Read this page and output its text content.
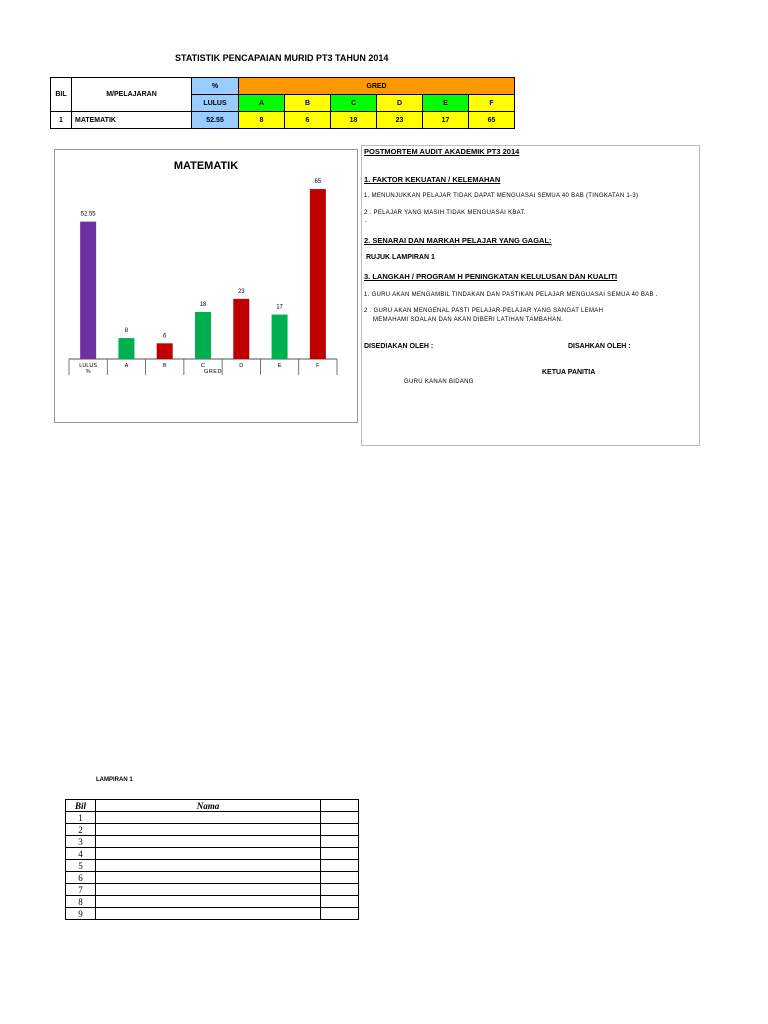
STATISTIK PENCAPAIAN MURID PT3 TAHUN 2014
BIL	M/PELAJARAN	%	GRED					
		LULUS	A	B	C	D	E	F
1	MATEMATIK	52.55	8	6	18	23	17	65
MATEMATIK
52.55
LULUS %
8
A
6
B
18
C
23
D
17
E
65
F
GRED
POSTMORTEM AUDIT AKADEMIK PT3 2014
1. FAKTOR KEKUATAN / KELEMAHAN
1. MENUNJUKKAN PELAJAR TIDAK DAPAT MENGUASAI SEMUA 40 BAB (TINGKATAN 1-3)
2 . PELAJAR YANG MASIH TIDAK MENGUASAI KBAT.
.
2. SENARAI DAN MARKAH PELAJAR YANG GAGAL:
RUJUK LAMPIRAN 1
3. LANGKAH / PROGRAM H PENINGKATAN KELULUSAN DAN KUALITI
1. GURU AKAN MENGAMBIL TINDAKAN DAN PASTIKAN PELAJAR MENGUASAI SEMUA 40 BAB .
2 . GURU AKAN MENGENAL PASTI PELAJAR-PELAJAR YANG SANGAT LEMAH
MEMAHAMI SOALAN DAN AKAN DIBERI LATIHAN TAMBAHAN.
DISEDIAKAN OLEH :	DISAHKAN OLEH :
KETUA PANITIA
GURU KANAN BIDANG
LAMPIRAN 1
Bil	Nama	
1		
2		
3		
4		
5		
6		
7		
8		
9		
